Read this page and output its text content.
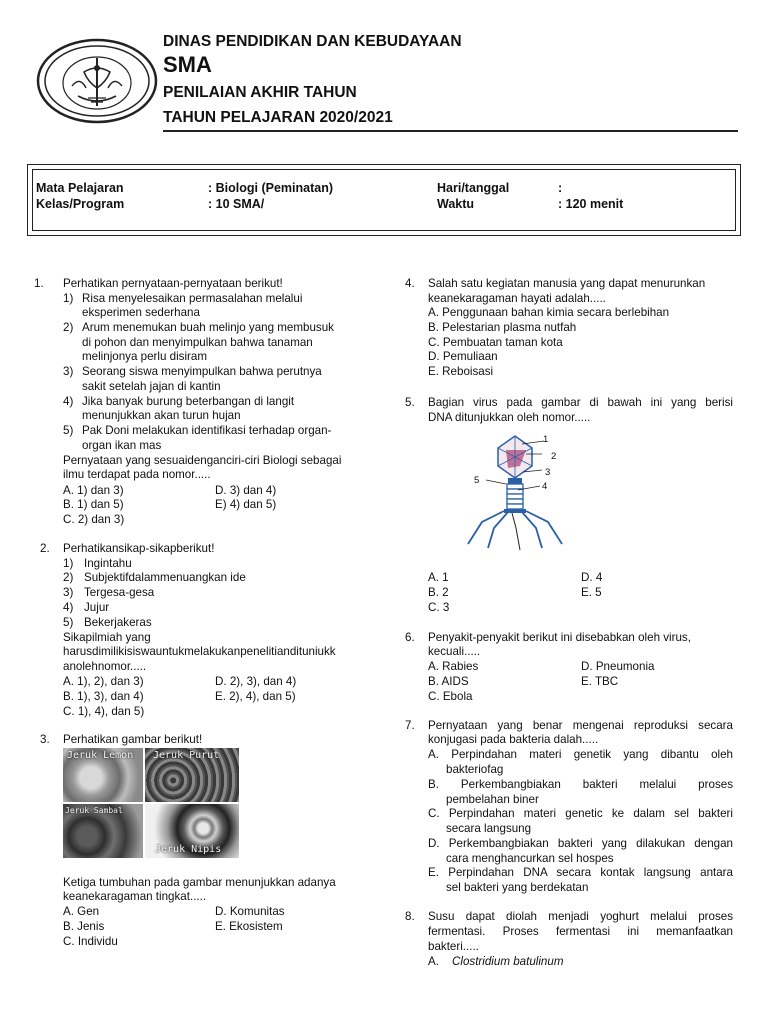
DINAS PENDIDIKAN DAN KEBUDAYAAN
SMA
PENILAIAN AKHIR TAHUN
TAHUN PELAJARAN 2020/2021
Mata Pelajaran	: Biologi (Peminatan)	Hari/tanggal	:
Kelas/Program	: 10 SMA/	Waktu	: 120 menit
1. Perhatikan pernyataan-pernyataan berikut!
1) Risa menyelesaikan permasalahan melalui
eksperimen sederhana
2) Arum menemukan buah melinjo yang membusuk
di pohon dan menyimpulkan bahwa tanaman
melinjonya perlu disiram
3) Seorang siswa menyimpulkan bahwa perutnya
sakit setelah jajan di kantin
4) Jika banyak burung beterbangan di langit
menunjukkan akan turun hujan
5) Pak Doni melakukan identifikasi terhadap organ-
organ ikan mas
Pernyataan yang sesuaidenganciri-ciri Biologi sebagai
ilmu terdapat pada nomor.....
A. 1) dan 3)	D. 3) dan 4)
B. 1) dan 5)	E) 4) dan 5)
C. 2) dan 3)
2. Perhatikansikap-sikapberikut!
1) Ingintahu
2) Subjektifdalammenuangkan ide
3) Tergesa-gesa
4) Jujur
5) Bekerjakeras
Sikapilmiah yang
harusdimilikisiswauntukmelakukanpenelitiandituniukk
anolehnomor.....
A. 1), 2), dan 3)	D. 2), 3), dan 4)
B. 1), 3), dan 4)	E. 2), 4), dan 5)
C. 1), 4), dan 5)
3. Perhatikan gambar berikut!
Jeruk Lemon Jeruk Purut
Jeruk Sambal
Jeruk Nipis
Ketiga tumbuhan pada gambar menunjukkan adanya
keanekaragaman tingkat.....
A. Gen	D. Komunitas
B. Jenis	E. Ekosistem
C. Individu
4. Salah satu kegiatan manusia yang dapat menurunkan
keanekaragaman hayati adalah.....
A. Penggunaan bahan kimia secara berlebihan
B. Pelestarian plasma nutfah
C. Pembuatan taman kota
D. Pemuliaan
E. Reboisasi
5. Bagian virus pada gambar di bawah ini yang berisi
DNA ditunjukkan oleh nomor.....
1
2
3
4
5
A. 1	D. 4
B. 2	E. 5
C. 3
6. Penyakit-penyakit berikut ini disebabkan oleh virus,
kecuali.....
A. Rabies	D. Pneumonia
B. AIDS	E. TBC
C. Ebola
7. Pernyataan yang benar mengenai reproduksi secara
konjugasi pada bakteria dalah.....
A. Perpindahan materi genetik yang dibantu oleh
bakteriofag
B. Perkembangbiakan bakteri melalui proses
pembelahan biner
C. Perpindahan materi genetic ke dalam sel bakteri
secara langsung
D. Perkembangbiakan bakteri yang dilakukan dengan
cara menghancurkan sel hospes
E. Perpindahan DNA secara kontak langsung antara
sel bakteri yang berdekatan
8. Susu dapat diolah menjadi yoghurt melalui proses
fermentasi. Proses fermentasi ini memanfaatkan
bakteri.....
A. Clostridium batulinum
